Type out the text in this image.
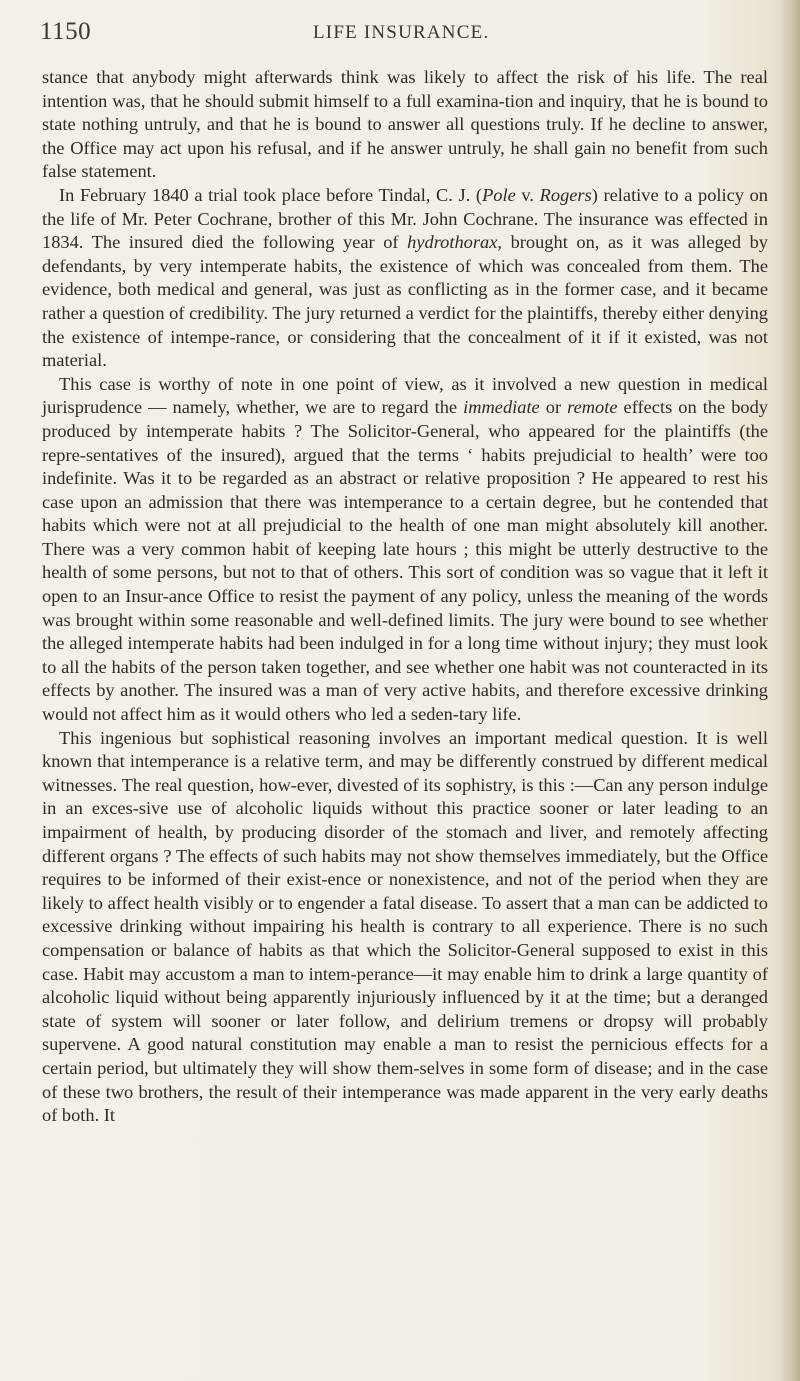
1150	LIFE INSURANCE.

stance that anybody might afterwards think was likely to affect the risk of his life. The real intention was, that he should submit himself to a full examina-tion and inquiry, that he is bound to state nothing untruly, and that he is bound to answer all questions truly. If he decline to answer, the Office may act upon his refusal, and if he answer untruly, he shall gain no benefit from such false statement.

In February 1840 a trial took place before Tindal, C. J. (Pole v. Rogers) relative to a policy on the life of Mr. Peter Cochrane, brother of this Mr. John Cochrane. The insurance was effected in 1834. The insured died the following year of hydrothorax, brought on, as it was alleged by defendants, by very intemperate habits, the existence of which was concealed from them. The evidence, both medical and general, was just as conflicting as in the former case, and it became rather a question of credibility. The jury returned a verdict for the plaintiffs, thereby either denying the existence of intempe-rance, or considering that the concealment of it if it existed, was not material.

This case is worthy of note in one point of view, as it involved a new question in medical jurisprudence — namely, whether, we are to regard the immediate or remote effects on the body produced by intemperate habits ? The Solicitor-General, who appeared for the plaintiffs (the repre-sentatives of the insured), argued that the terms ‘ habits prejudicial to health’ were too indefinite. Was it to be regarded as an abstract or relative proposition ? He appeared to rest his case upon an admission that there was intemperance to a certain degree, but he contended that habits which were not at all prejudicial to the health of one man might absolutely kill another. There was a very common habit of keeping late hours ; this might be utterly destructive to the health of some persons, but not to that of others. This sort of condition was so vague that it left it open to an Insur-ance Office to resist the payment of any policy, unless the meaning of the words was brought within some reasonable and well-defined limits. The jury were bound to see whether the alleged intemperate habits had been indulged in for a long time without injury; they must look to all the habits of the person taken together, and see whether one habit was not counteracted in its effects by another. The insured was a man of very active habits, and therefore excessive drinking would not affect him as it would others who led a seden-tary life.

This ingenious but sophistical reasoning involves an important medical question. It is well known that intemperance is a relative term, and may be differently construed by different medical witnesses. The real question, how-ever, divested of its sophistry, is this :—Can any person indulge in an exces-sive use of alcoholic liquids without this practice sooner or later leading to an impairment of health, by producing disorder of the stomach and liver, and remotely affecting different organs ? The effects of such habits may not show themselves immediately, but the Office requires to be informed of their exist-ence or nonexistence, and not of the period when they are likely to affect health visibly or to engender a fatal disease. To assert that a man can be addicted to excessive drinking without impairing his health is contrary to all experience. There is no such compensation or balance of habits as that which the Solicitor-General supposed to exist in this case. Habit may accustom a man to intem-perance—it may enable him to drink a large quantity of alcoholic liquid without being apparently injuriously influenced by it at the time; but a deranged state of system will sooner or later follow, and delirium tremens or dropsy will probably supervene. A good natural constitution may enable a man to resist the pernicious effects for a certain period, but ultimately they will show them-selves in some form of disease; and in the case of these two brothers, the result of their intemperance was made apparent in the very early deaths of both. It
